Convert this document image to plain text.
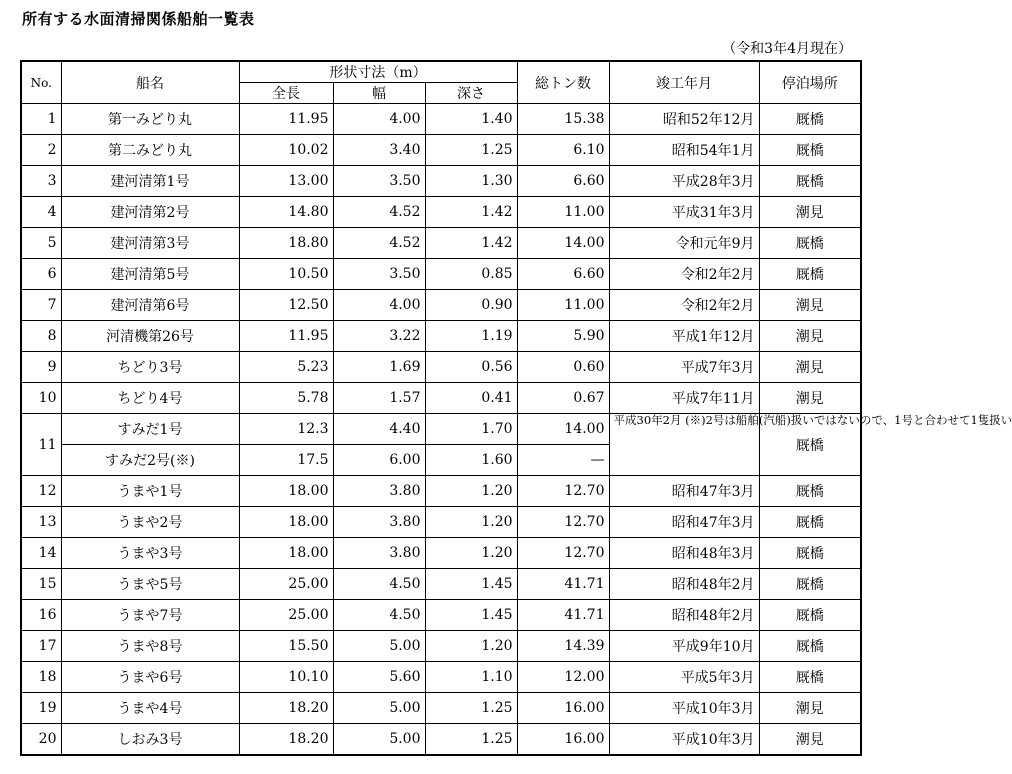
所有する水面清掃関係船舶一覧表
（令和3年4月現在）
No.	船名	形状寸法（m）			総トン数	竣工年月	停泊場所
		全長	幅	深さ			
1	第一みどり丸	11.95	4.00	1.40	15.38	昭和52年12月	厩橋
2	第二みどり丸	10.02	3.40	1.25	6.10	昭和54年1月	厩橋
3	建河清第1号	13.00	3.50	1.30	6.60	平成28年3月	厩橋
4	建河清第2号	14.80	4.52	1.42	11.00	平成31年3月	潮見
5	建河清第3号	18.80	4.52	1.42	14.00	令和元年9月	厩橋
6	建河清第5号	10.50	3.50	0.85	6.60	令和2年2月	厩橋
7	建河清第6号	12.50	4.00	0.90	11.00	令和2年2月	潮見
8	河清機第26号	11.95	3.22	1.19	5.90	平成1年12月	潮見
9	ちどり3号	5.23	1.69	0.56	0.60	平成7年3月	潮見
10	ちどり4号	5.78	1.57	0.41	0.67	平成7年11月	潮見
11	すみだ1号	12.3	4.40	1.70	14.00	平成30年2月 (※)2号は船舶(汽船)扱いではないので、1号と合わせて1隻扱い	厩橋
	すみだ2号(※)	17.5	6.00	1.60	—		
12	うまや1号	18.00	3.80	1.20	12.70	昭和47年3月	厩橋
13	うまや2号	18.00	3.80	1.20	12.70	昭和47年3月	厩橋
14	うまや3号	18.00	3.80	1.20	12.70	昭和48年3月	厩橋
15	うまや5号	25.00	4.50	1.45	41.71	昭和48年2月	厩橋
16	うまや7号	25.00	4.50	1.45	41.71	昭和48年2月	厩橋
17	うまや8号	15.50	5.00	1.20	14.39	平成9年10月	厩橋
18	うまや6号	10.10	5.60	1.10	12.00	平成5年3月	厩橋
19	うまや4号	18.20	5.00	1.25	16.00	平成10年3月	潮見
20	しおみ3号	18.20	5.00	1.25	16.00	平成10年3月	潮見
